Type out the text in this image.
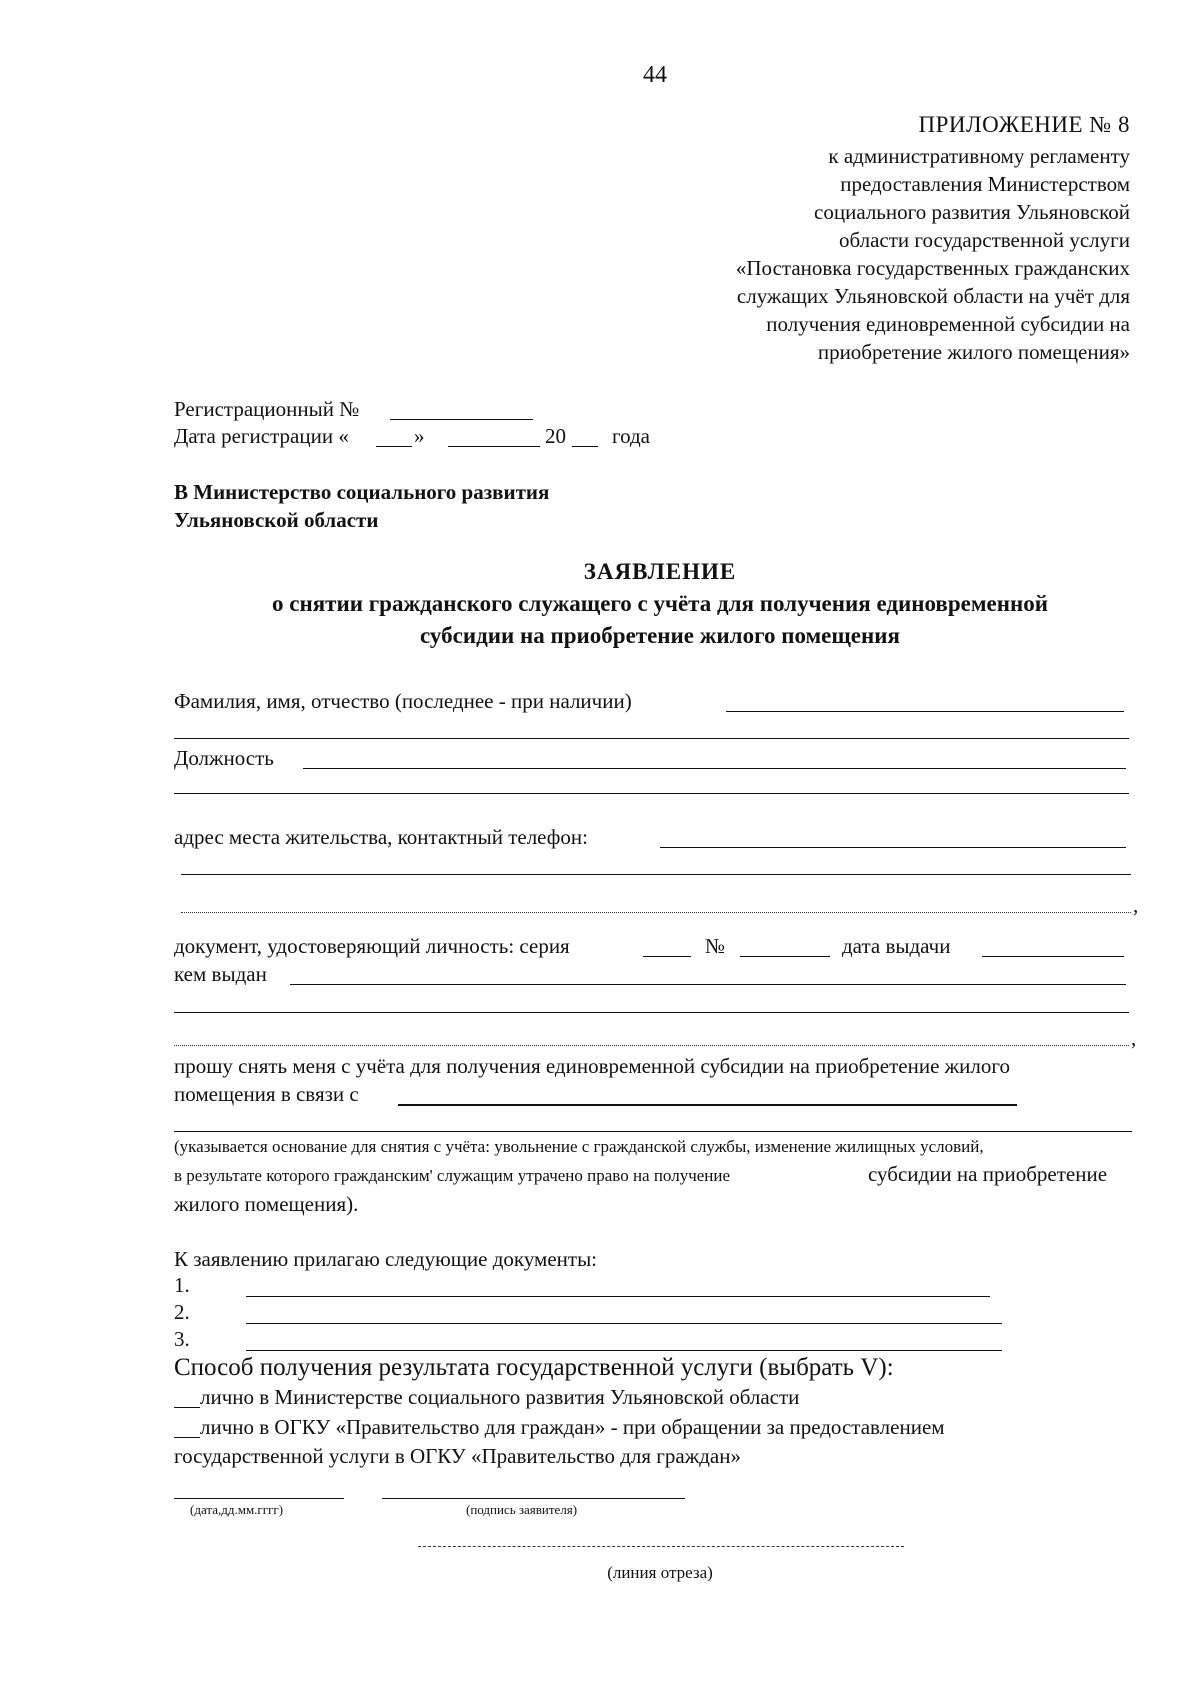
44
ПРИЛОЖЕНИЕ № 8
к административному регламенту
предоставления Министерством
социального развития Ульяновской
области государственной услуги
«Постановка государственных гражданских
служащих Ульяновской области на учёт для
получения единовременной субсидии на
приобретение жилого помещения»
Регистрационный №
Дата регистрации «	»	20 года
В Министерство социального развития
Ульяновской области
ЗАЯВЛЕНИЕ
о снятии гражданского служащего с учёта для получения единовременной
субсидии на приобретение жилого помещения
Фамилия, имя, отчество (последнее - при наличии)
Должность
адрес места жительства, контактный телефон:
,
документ, удостоверяющий личность: серия	№	дата выдачи
кем выдан
,
прошу снять меня с учёта для получения единовременной субсидии на приобретение жилого
помещения в связи с
(указывается основание для снятия с учёта: увольнение с гражданской службы, изменение жилищных условий,
в результате которого гражданским' служащим утрачено право на получение	субсидии на приобретение
жилого помещения).
К заявлению прилагаю следующие документы:
1.
2.
3.
Способ получения результата государственной услуги (выбрать V):
лично в Министерстве социального развития Ульяновской области
лично в ОГКУ «Правительство для граждан» - при обращении за предоставлением
государственной услуги в ОГКУ «Правительство для граждан»
(дата,дд.мм.гггг)	(подпись заявителя)
(линия отреза)
